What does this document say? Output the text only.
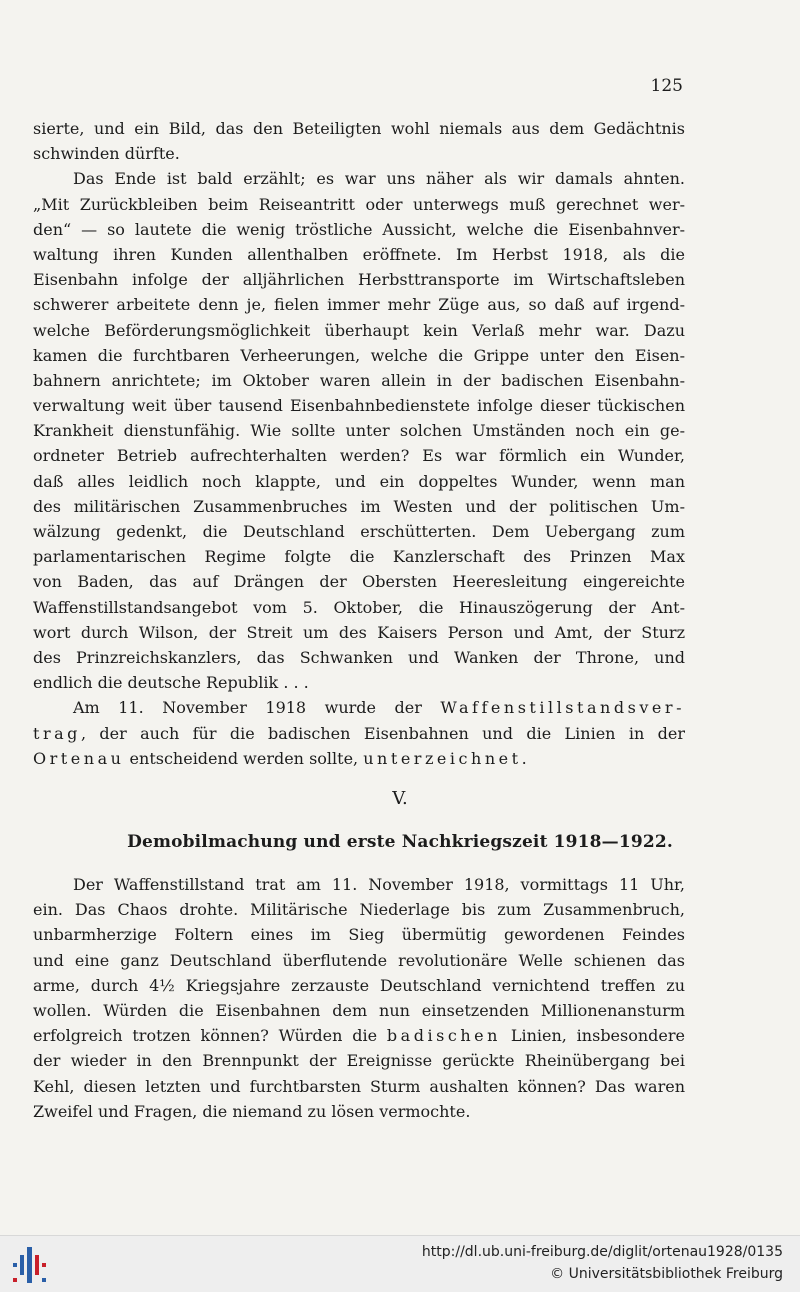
125
sierte, und ein Bild, das den Beteiligten wohl niemals aus dem Gedächtnis
schwinden dürfte.
Das Ende ist bald erzählt; es war uns näher als wir damals ahnten.
„Mit Zurückbleiben beim Reiseantritt oder unterwegs muß gerechnet wer-
den“ — so lautete die wenig tröstliche Aussicht, welche die Eisenbahnver-
waltung ihren Kunden allenthalben eröffnete. Im Herbst 1918, als die
Eisenbahn infolge der alljährlichen Herbsttransporte im Wirtschaftsleben
schwerer arbeitete denn je, fielen immer mehr Züge aus, so daß auf irgend-
welche Beförderungsmöglichkeit überhaupt kein Verlaß mehr war. Dazu
kamen die furchtbaren Verheerungen, welche die Grippe unter den Eisen-
bahnern anrichtete; im Oktober waren allein in der badischen Eisenbahn-
verwaltung weit über tausend Eisenbahnbedienstete infolge dieser tückischen
Krankheit dienstunfähig. Wie sollte unter solchen Umständen noch ein ge-
ordneter Betrieb aufrechterhalten werden? Es war förmlich ein Wunder,
daß alles leidlich noch klappte, und ein doppeltes Wunder, wenn man
des militärischen Zusammenbruches im Westen und der politischen Um-
wälzung gedenkt, die Deutschland erschütterten. Dem Uebergang zum
parlamentarischen Regime folgte die Kanzlerschaft des Prinzen Max
von Baden, das auf Drängen der Obersten Heeresleitung eingereichte
Waffenstillstandsangebot vom 5. Oktober, die Hinauszögerung der Ant-
wort durch Wilson, der Streit um des Kaisers Person und Amt, der Sturz
des Prinzreichskanzlers, das Schwanken und Wanken der Throne, und
endlich die deutsche Republik . . .
Am 11. November 1918 wurde der Waffenstillstandsver-
trag, der auch für die badischen Eisenbahnen und die Linien in der
Ortenau entscheidend werden sollte, unterzeichnet.
V.
Demobilmachung und erste Nachkriegszeit 1918—1922.
Der Waffenstillstand trat am 11. November 1918, vormittags 11 Uhr,
ein. Das Chaos drohte. Militärische Niederlage bis zum Zusammenbruch,
unbarmherzige Foltern eines im Sieg übermütig gewordenen Feindes
und eine ganz Deutschland überflutende revolutionäre Welle schienen das
arme, durch 4½ Kriegsjahre zerzauste Deutschland vernichtend treffen zu
wollen. Würden die Eisenbahnen dem nun einsetzenden Millionenansturm
erfolgreich trotzen können? Würden die badischen Linien, insbesondere
der wieder in den Brennpunkt der Ereignisse gerückte Rheinübergang bei
Kehl, diesen letzten und furchtbarsten Sturm aushalten können? Das waren
Zweifel und Fragen, die niemand zu lösen vermochte.
http://dl.ub.uni-freiburg.de/diglit/ortenau1928/0135
© Universitätsbibliothek Freiburg
